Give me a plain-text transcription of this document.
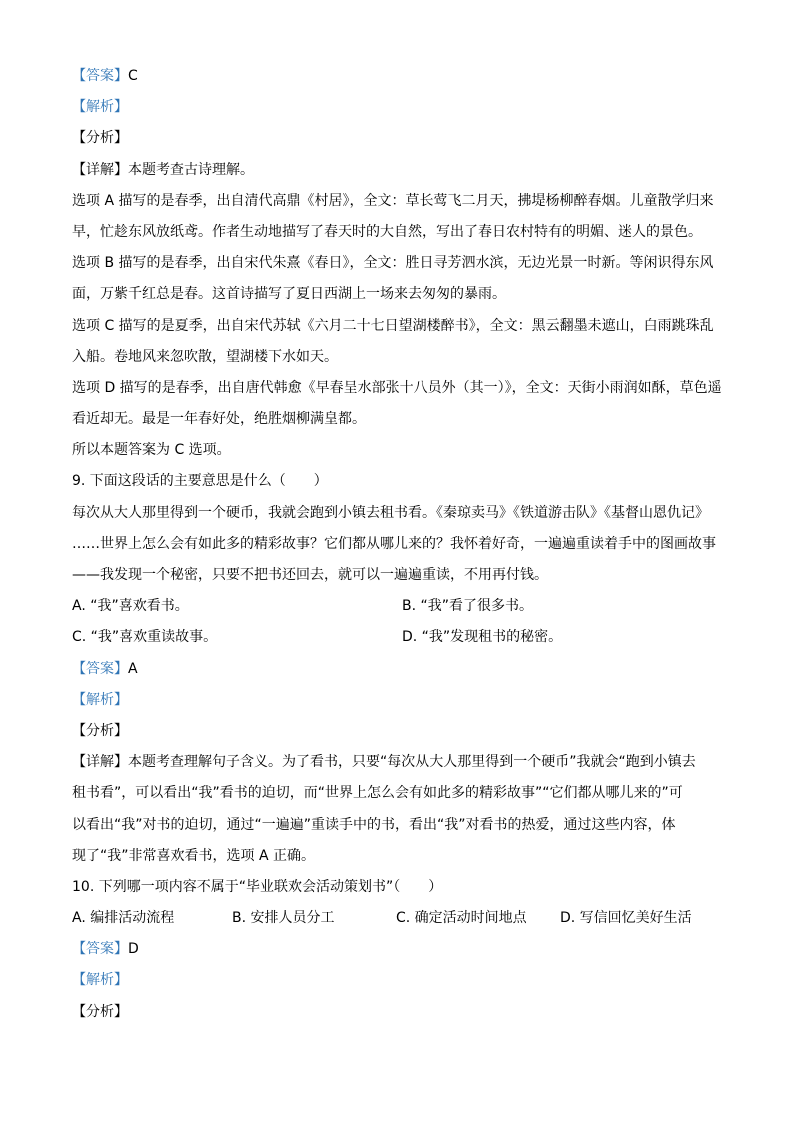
【答案】C
【解析】
【分析】
【详解】本题考查古诗理解。
选项 A 描写的是春季，出自清代高鼎《村居》，全文：草长莺飞二月天，拂堤杨柳醉春烟。儿童散学归来
早，忙趁东风放纸鸢。作者生动地描写了春天时的大自然，写出了春日农村特有的明媚、迷人的景色。
选项 B 描写的是春季，出自宋代朱熹《春日》，全文：胜日寻芳泗水滨，无边光景一时新。等闲识得东风
面，万紫千红总是春。这首诗描写了夏日西湖上一场来去匆匆的暴雨。
选项 C 描写的是夏季，出自宋代苏轼《六月二十七日望湖楼醉书》，全文：黑云翻墨未遮山，白雨跳珠乱
入船。卷地风来忽吹散，望湖楼下水如天。
选项 D 描写的是春季，出自唐代韩愈《早春呈水部张十八员外（其一）》，全文：天街小雨润如酥，草色遥
看近却无。最是一年春好处，绝胜烟柳满皇都。
所以本题答案为 C 选项。
9. 下面这段话的主要意思是什么（　　）
每次从大人那里得到一个硬币，我就会跑到小镇去租书看。《秦琼卖马》《铁道游击队》《基督山恩仇记》
……世界上怎么会有如此多的精彩故事？它们都从哪儿来的？我怀着好奇，一遍遍重读着手中的图画故事
——我发现一个秘密，只要不把书还回去，就可以一遍遍重读，不用再付钱。
A. “我”喜欢看书。	B. “我”看了很多书。
C. “我”喜欢重读故事。	D. “我”发现租书的秘密。
【答案】A
【解析】
【分析】
【详解】本题考查理解句子含义。为了看书，只要“每次从大人那里得到一个硬币”我就会“跑到小镇去
租书看”，可以看出“我”看书的迫切，而“世界上怎么会有如此多的精彩故事”“它们都从哪儿来的”可
以看出“我”对书的迫切，通过“一遍遍”重读手中的书，看出“我”对看书的热爱，通过这些内容，体
现了“我”非常喜欢看书，选项 A 正确。
10. 下列哪一项内容不属于“毕业联欢会活动策划书”（　　）
A. 编排活动流程	B. 安排人员分工	C. 确定活动时间地点 D. 写信回忆美好生活
【答案】D
【解析】
【分析】
